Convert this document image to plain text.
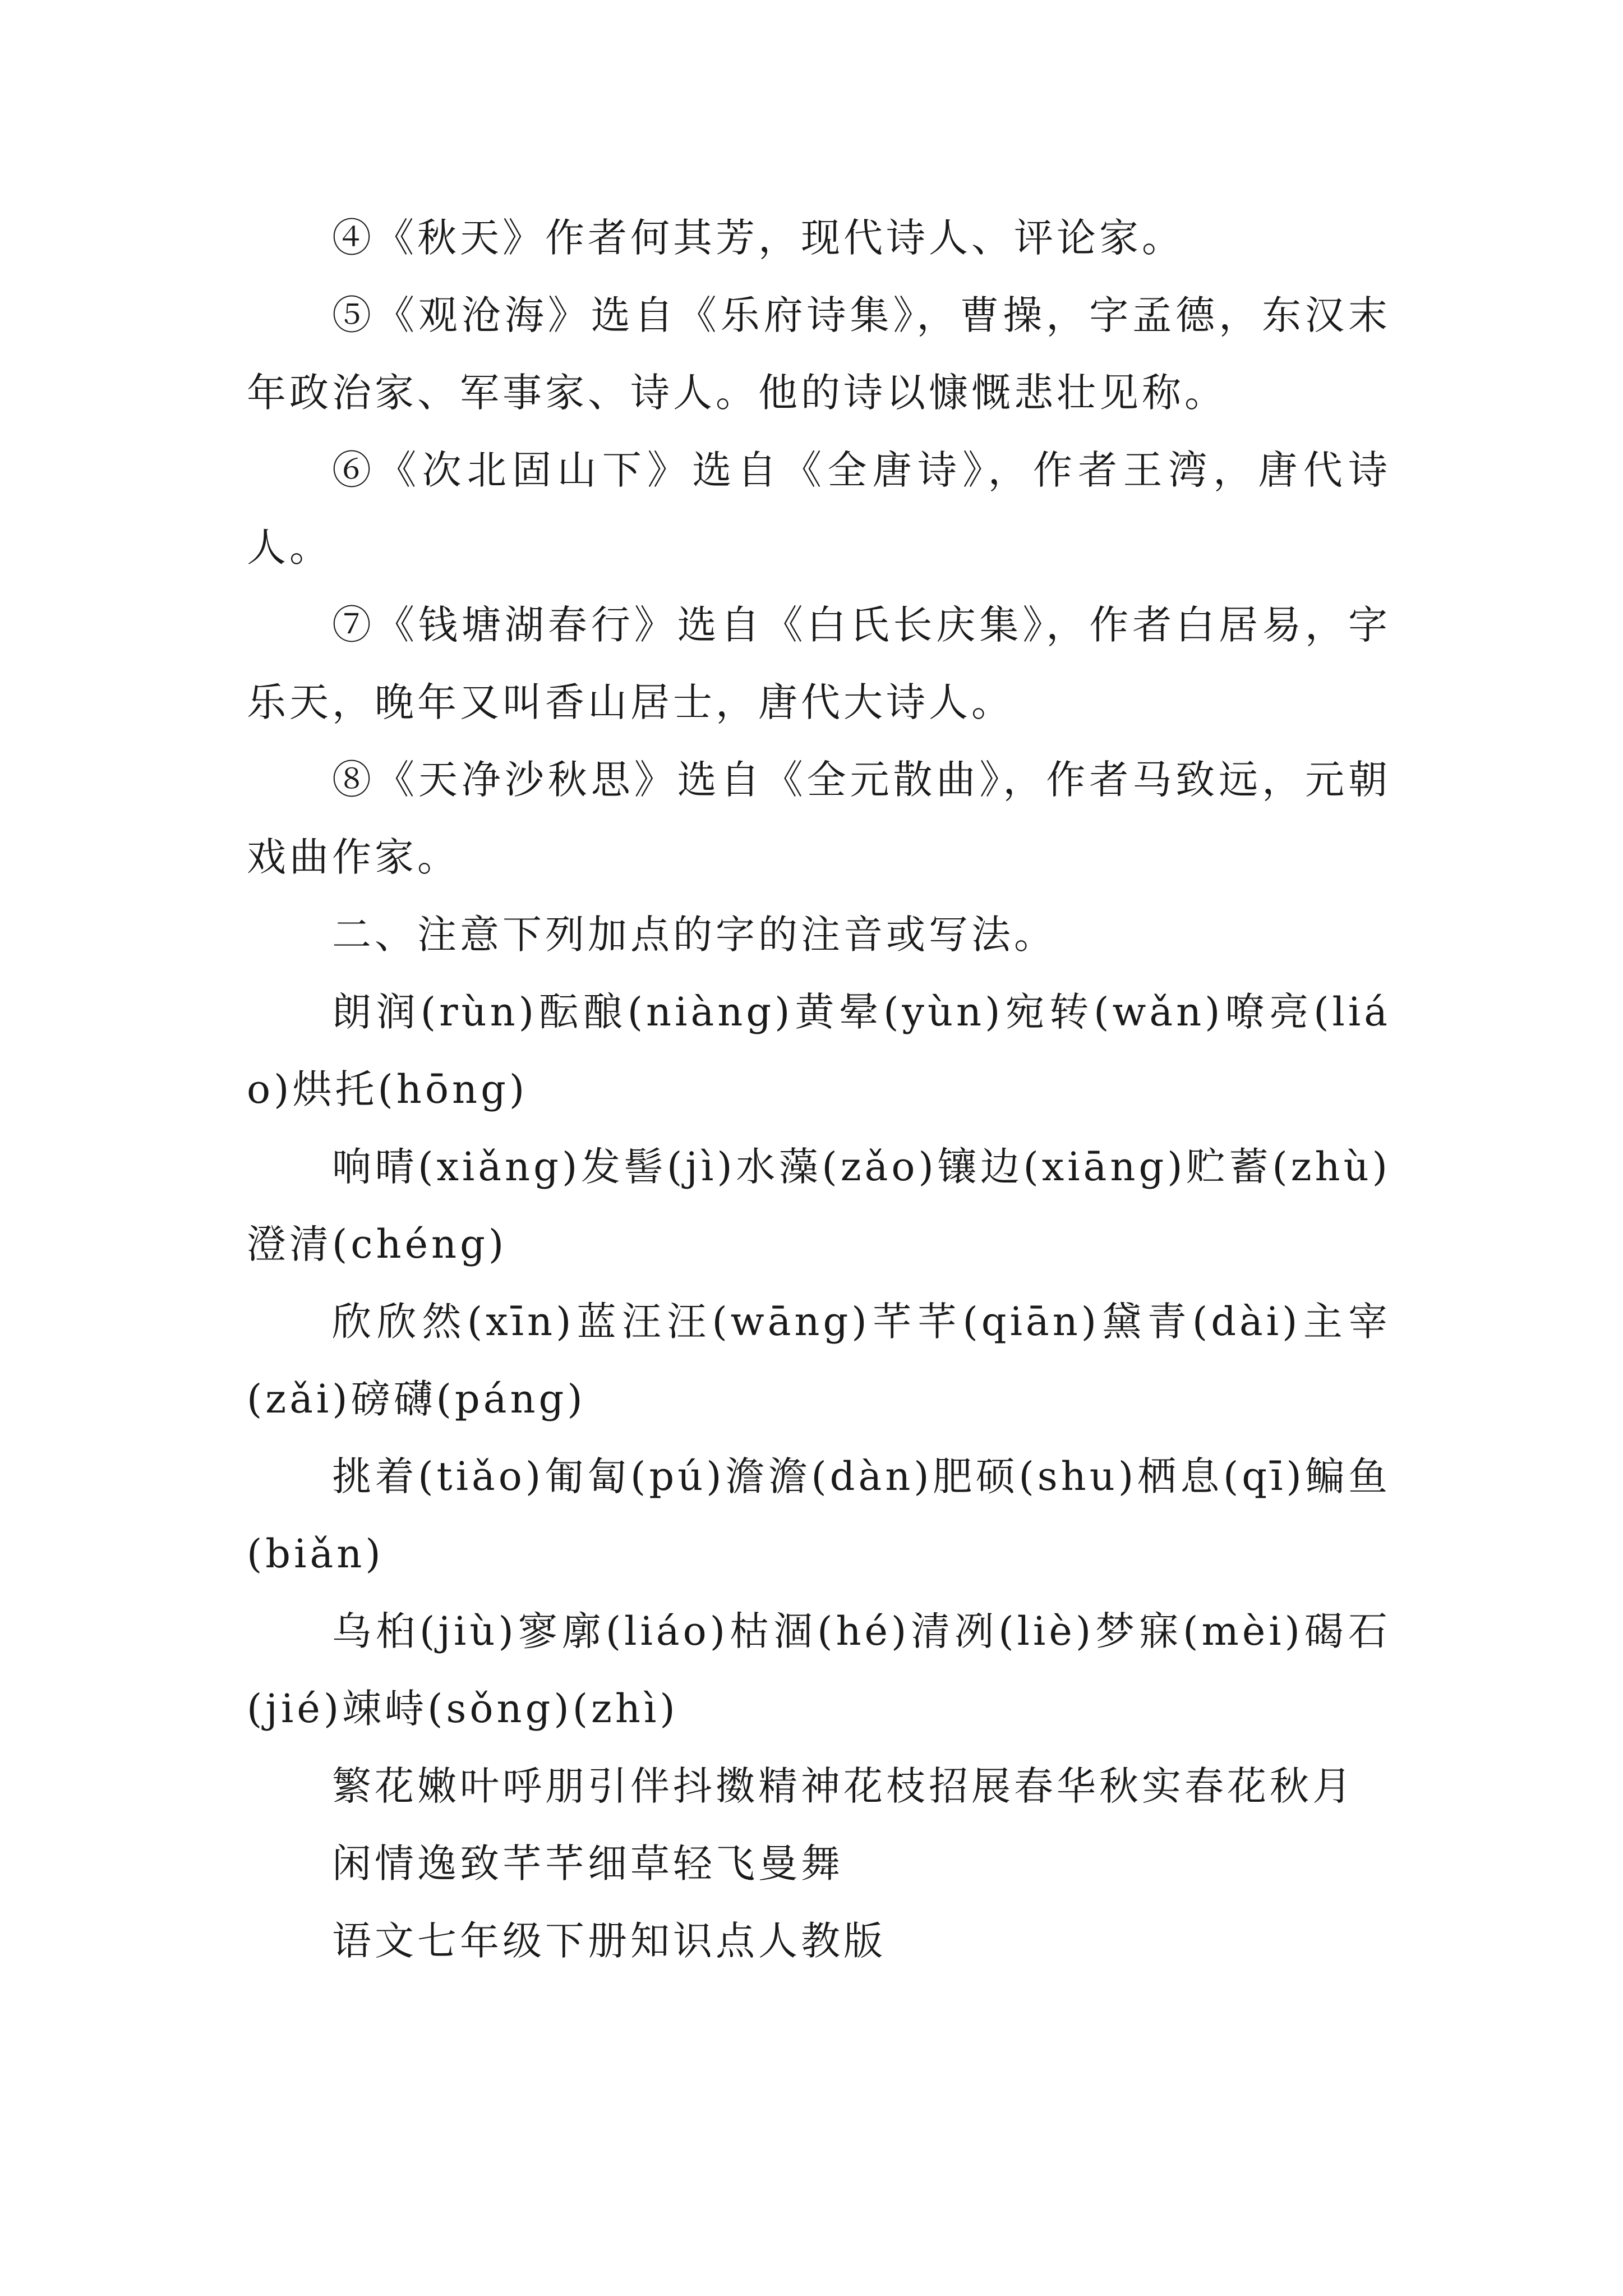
④《秋天》作者何其芳，现代诗人、评论家。

⑤《观沧海》选自《乐府诗集》，曹操，字孟德，东汉末年政治家、军事家、诗人。他的诗以慷慨悲壮见称。

⑥《次北固山下》选自《全唐诗》，作者王湾，唐代诗人。

⑦《钱塘湖春行》选自《白氏长庆集》，作者白居易，字乐天，晚年又叫香山居士，唐代大诗人。

⑧《天净沙秋思》选自《全元散曲》，作者马致远，元朝戏曲作家。

二、注意下列加点的字的注音或写法。

朗润(rùn)酝酿(niàng)黄晕(yùn)宛转(wǎn)嘹亮(liáo)烘托(hōng)

响晴(xiǎng)发髻(jì)水藻(zǎo)镶边(xiāng)贮蓄(zhù)澄清(chéng)

欣欣然(xīn)蓝汪汪(wāng)芊芊(qiān)黛青(dài)主宰(zǎi)磅礴(páng)

挑着(tiǎo)匍匐(pú)澹澹(dàn)肥硕(shu)栖息(qī)鳊鱼(biǎn)

乌桕(jiù)寥廓(liáo)枯涸(hé)清冽(liè)梦寐(mèi)碣石(jié)竦峙(sǒng)(zhì)

繁花嫩叶呼朋引伴抖擞精神花枝招展春华秋实春花秋月

闲情逸致芊芊细草轻飞曼舞

语文七年级下册知识点人教版
